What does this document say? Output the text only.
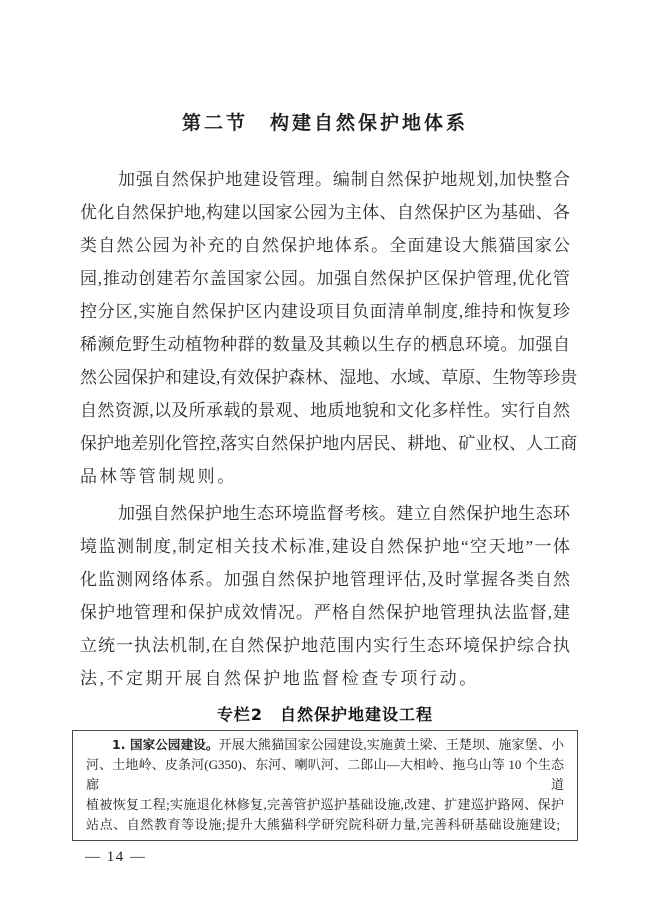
第二节　构建自然保护地体系
加强自然保护地建设管理。编制自然保护地规划,加快整合
优化自然保护地,构建以国家公园为主体、自然保护区为基础、各
类自然公园为补充的自然保护地体系。全面建设大熊猫国家公
园,推动创建若尔盖国家公园。加强自然保护区保护管理,优化管
控分区,实施自然保护区内建设项目负面清单制度,维持和恢复珍
稀濒危野生动植物种群的数量及其赖以生存的栖息环境。加强自
然公园保护和建设,有效保护森林、湿地、水域、草原、生物等珍贵
自然资源,以及所承载的景观、地质地貌和文化多样性。实行自然
保护地差别化管控,落实自然保护地内居民、耕地、矿业权、人工商
品林等管制规则。
加强自然保护地生态环境监督考核。建立自然保护地生态环
境监测制度,制定相关技术标准,建设自然保护地“空天地”一体
化监测网络体系。加强自然保护地管理评估,及时掌握各类自然
保护地管理和保护成效情况。严格自然保护地管理执法监督,建
立统一执法机制,在自然保护地范围内实行生态环境保护综合执
法,不定期开展自然保护地监督检查专项行动。
专栏2　自然保护地建设工程
1. 国家公园建设。开展大熊猫国家公园建设,实施黄土梁、王楚坝、施家堡、小
河、土地岭、皮条河(G350)、东河、喇叭河、二郎山—大相岭、拖乌山等 10 个生态廊道
植被恢复工程;实施退化林修复,完善管护巡护基础设施,改建、扩建巡护路网、保护
站点、自然教育等设施;提升大熊猫科学研究院科研力量,完善科研基础设施建设;
— 14 —
